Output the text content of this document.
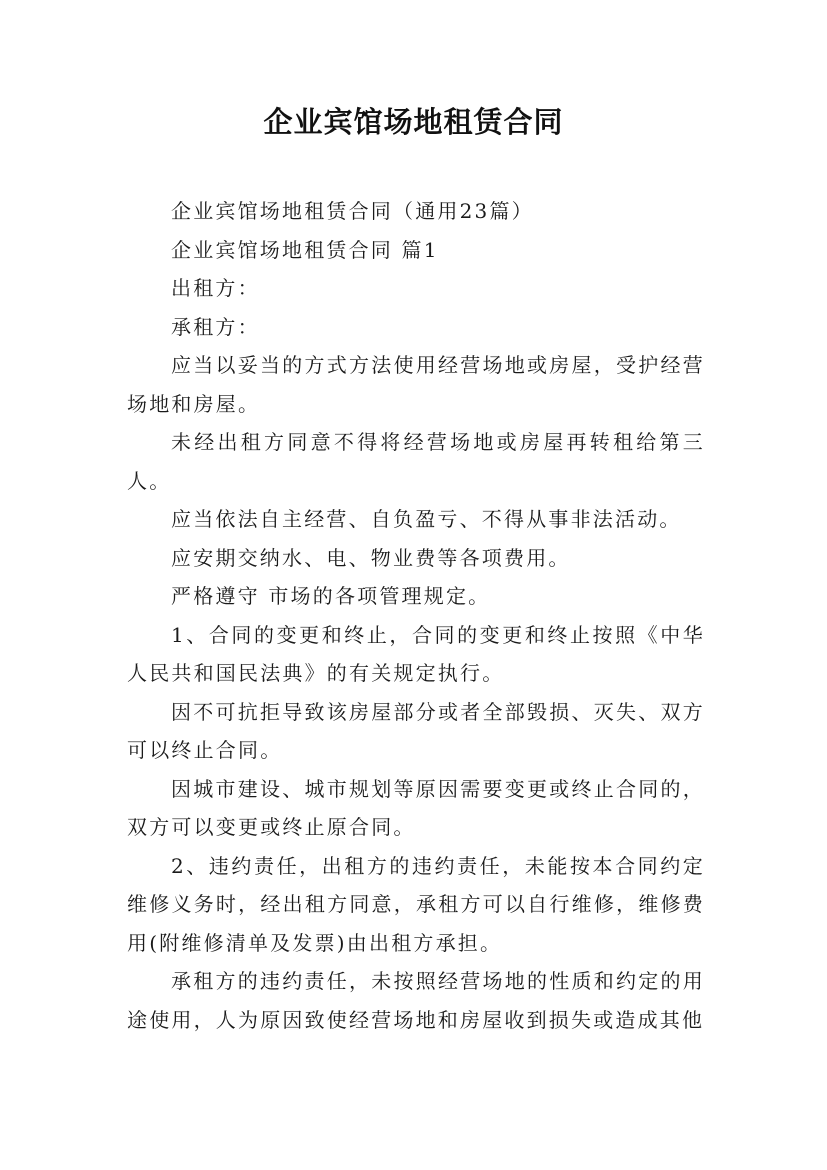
企业宾馆场地租赁合同

企业宾馆场地租赁合同（通用23篇）

企业宾馆场地租赁合同 篇1

出租方：

承租方：

应当以妥当的方式方法使用经营场地或房屋，受护经营场地和房屋。

未经出租方同意不得将经营场地或房屋再转租给第三人。

应当依法自主经营、自负盈亏、不得从事非法活动。

应安期交纳水、电、物业费等各项费用。

严格遵守 市场的各项管理规定。

1、合同的变更和终止，合同的变更和终止按照《中华人民共和国民法典》的有关规定执行。

因不可抗拒导致该房屋部分或者全部毁损、灭失、双方可以终止合同。

因城市建设、城市规划等原因需要变更或终止合同的，双方可以变更或终止原合同。

2、违约责任，出租方的违约责任，未能按本合同约定维修义务时，经出租方同意，承租方可以自行维修，维修费用(附维修清单及发票)由出租方承担。

承租方的违约责任，未按照经营场地的性质和约定的用途使用，人为原因致使经营场地和房屋收到损失或造成其他
